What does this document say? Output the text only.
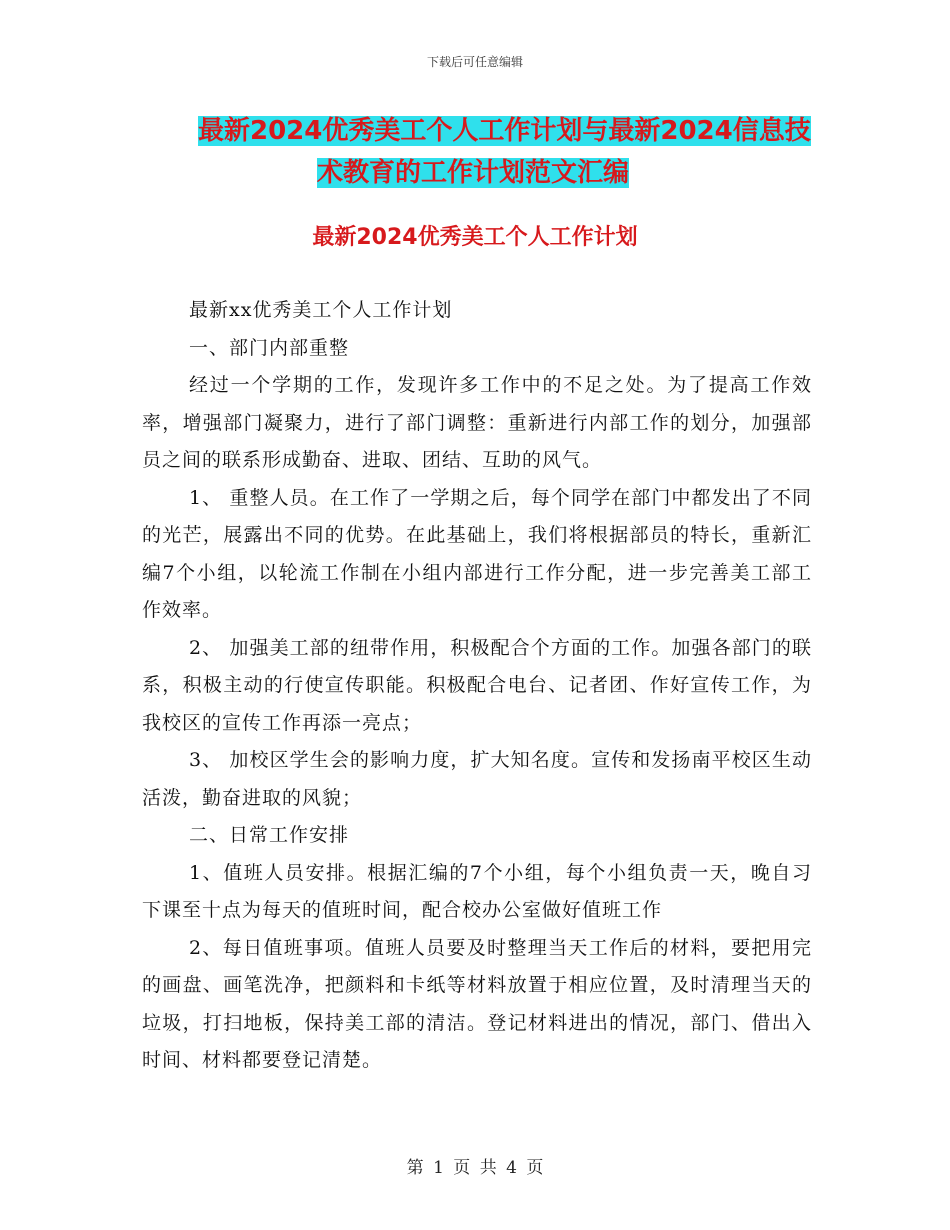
下载后可任意编辑
最新2024优秀美工个人工作计划与最新2024信息技
术教育的工作计划范文汇编
最新2024优秀美工个人工作计划

最新xx优秀美工个人工作计划

一、部门内部重整

经过一个学期的工作，发现许多工作中的不足之处。为了提高工作效率，增强部门凝聚力，进行了部门调整：重新进行内部工作的划分，加强部员之间的联系形成勤奋、进取、团结、互助的风气。

1、 重整人员。在工作了一学期之后，每个同学在部门中都发出了不同的光芒，展露出不同的优势。在此基础上，我们将根据部员的特长，重新汇编7个小组，以轮流工作制在小组内部进行工作分配，进一步完善美工部工作效率。

2、 加强美工部的纽带作用，积极配合个方面的工作。加强各部门的联系，积极主动的行使宣传职能。积极配合电台、记者团、作好宣传工作，为我校区的宣传工作再添一亮点；

3、 加校区学生会的影响力度，扩大知名度。宣传和发扬南平校区生动活泼，勤奋进取的风貌；

二、日常工作安排

1、值班人员安排。根据汇编的7个小组，每个小组负责一天，晚自习下课至十点为每天的值班时间，配合校办公室做好值班工作

2、每日值班事项。值班人员要及时整理当天工作后的材料，要把用完的画盘、画笔洗净，把颜料和卡纸等材料放置于相应位置，及时清理当天的垃圾，打扫地板，保持美工部的清洁。登记材料进出的情况，部门、借出入时间、材料都要登记清楚。

第 1 页 共 4 页
